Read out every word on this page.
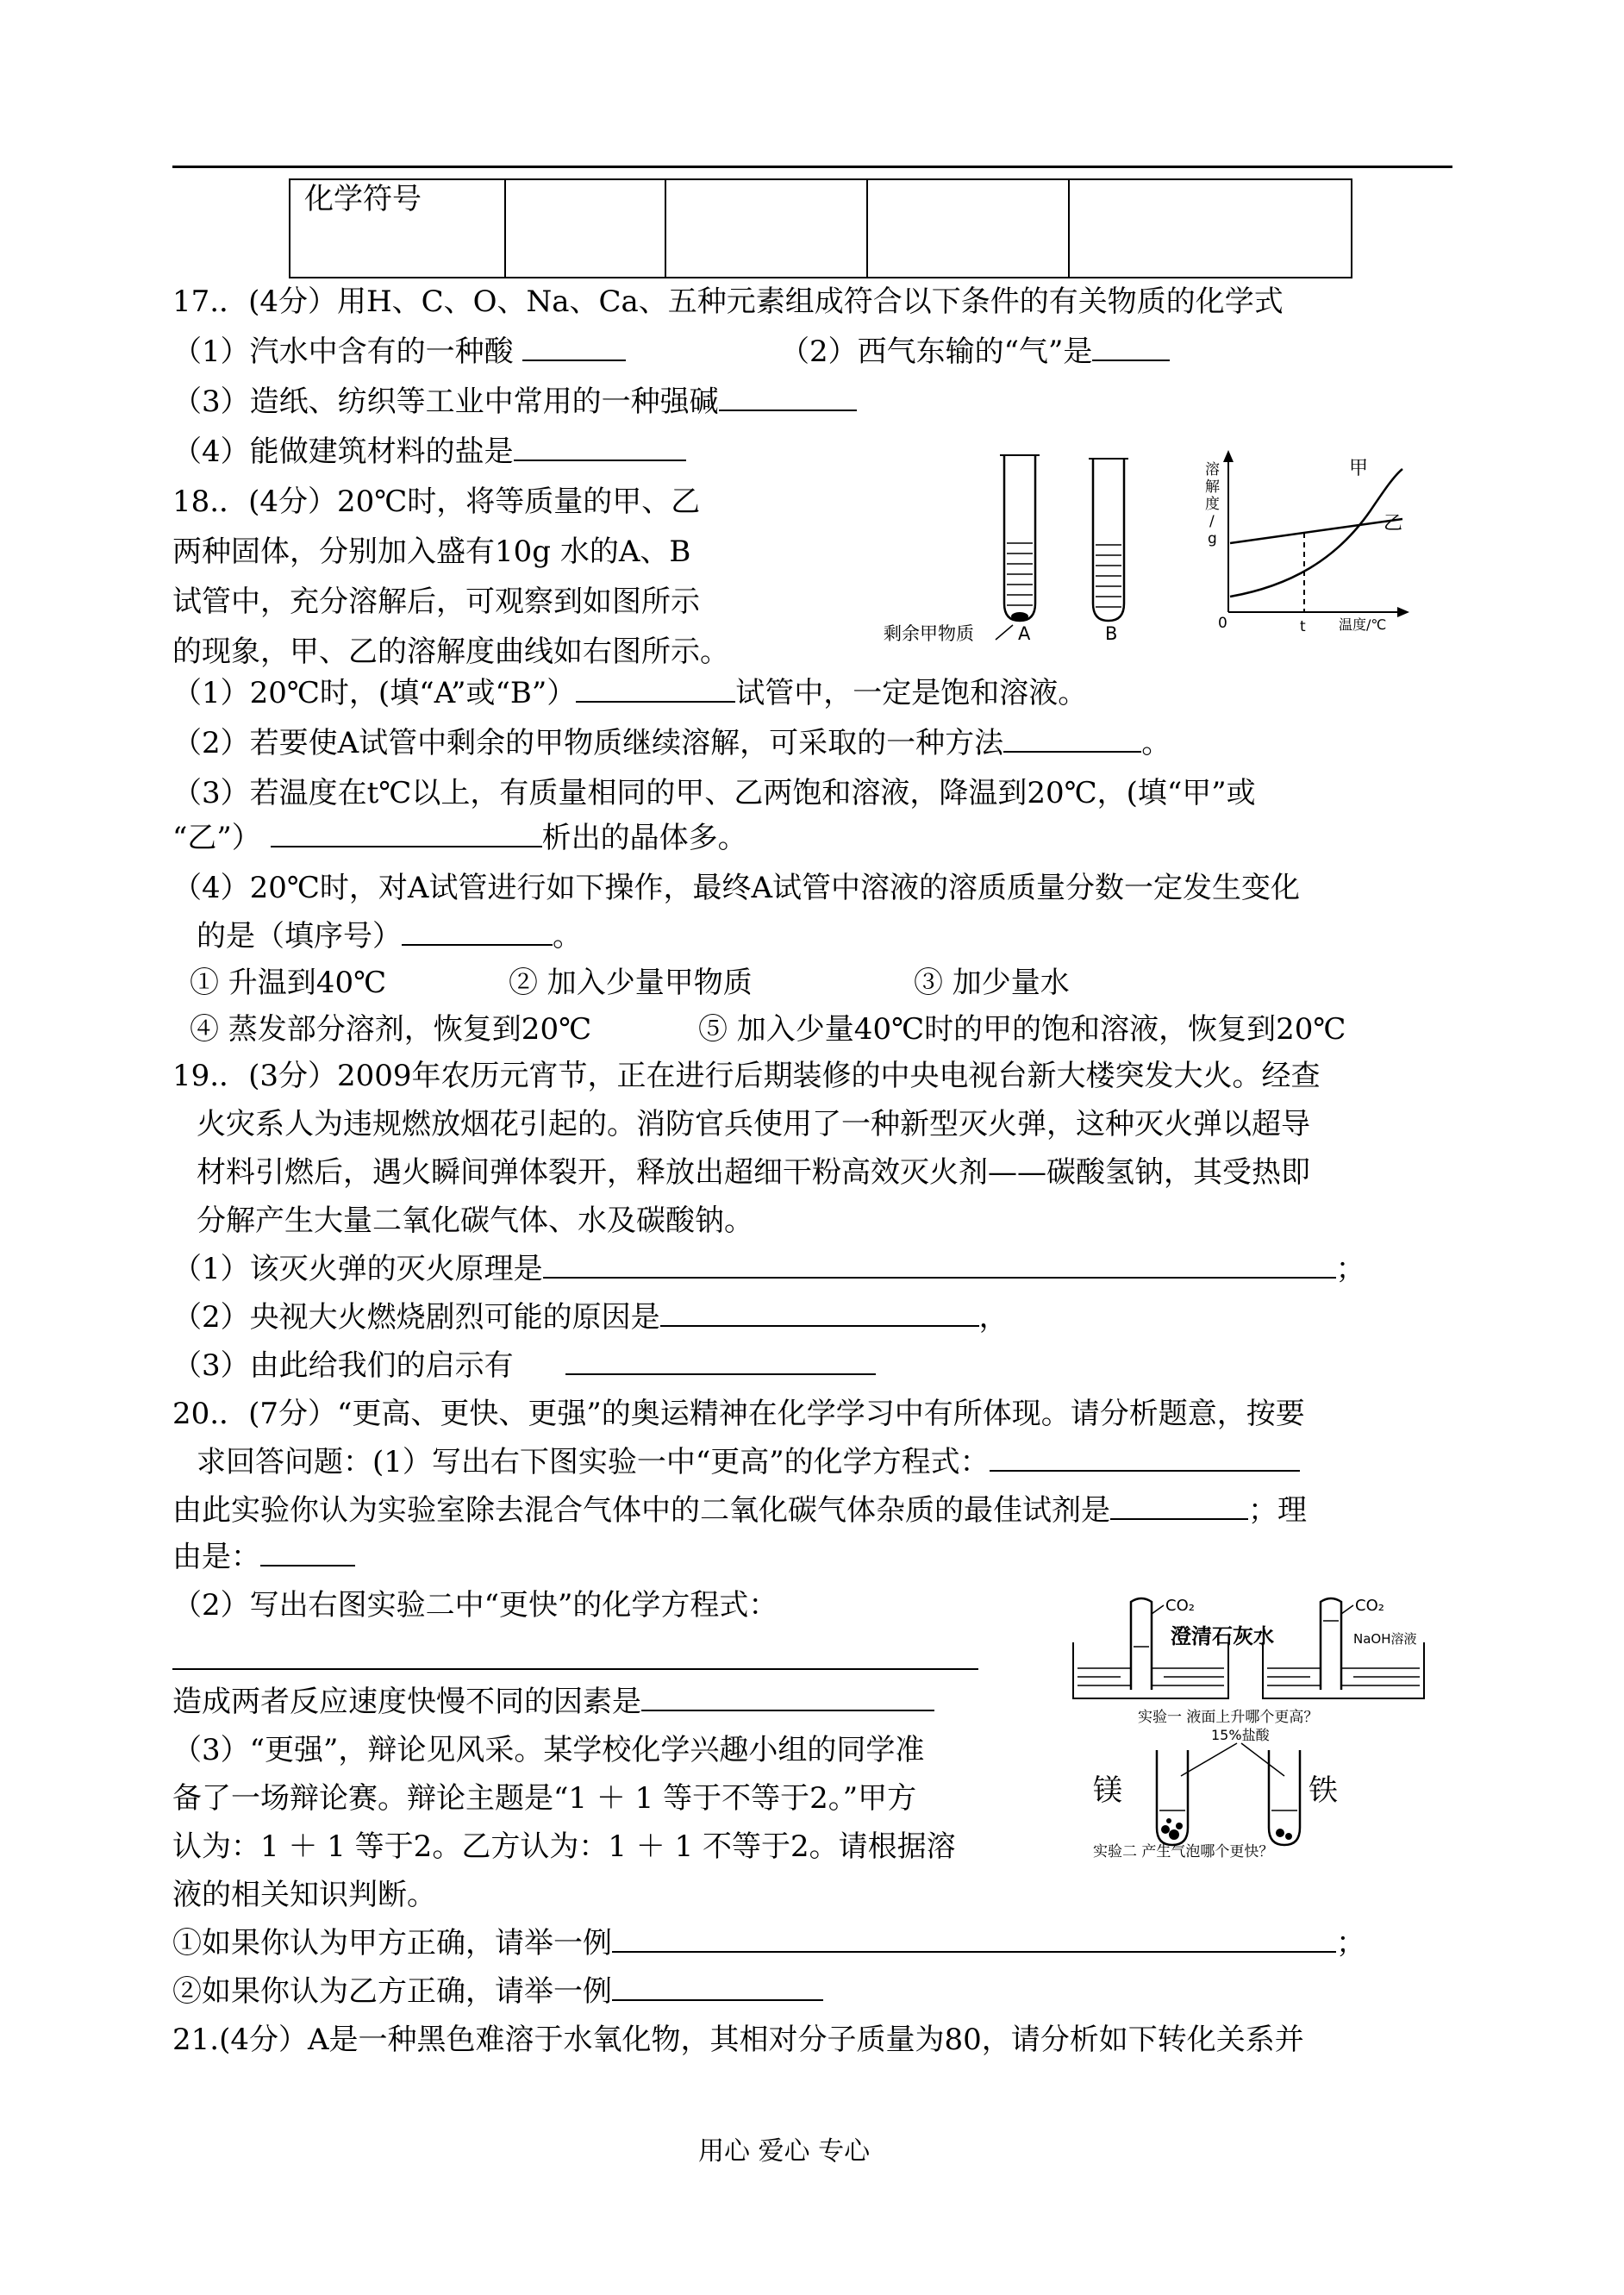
化学符号				
17.．(4分）用H、C、O、Na、Ca、五种元素组成符合以下条件的有关物质的化学式
（1）汽水中含有的一种酸	（2）西气东输的“气”是
（3）造纸、纺织等工业中常用的一种强碱
（4）能做建筑材料的盐是
18.．(4分）20℃时，将等质量的甲、乙
两种固体，分别加入盛有10g 水的A、B
试管中，充分溶解后，可观察到如图所示
的现象，甲、乙的溶解度曲线如右图所示。
剩余甲物质 A	B
溶
解
度
/
g
甲
乙
0	t 温度/℃
（1）20℃时，(填“A”或“B”）	试管中，一定是饱和溶液。
（2）若要使A试管中剩余的甲物质继续溶解，可采取的一种方法	。
（3）若温度在t℃以上，有质量相同的甲、乙两饱和溶液，降温到20℃，(填“甲”或
“乙”）	析出的晶体多。
（4）20℃时，对A试管进行如下操作，最终A试管中溶液的溶质质量分数一定发生变化
的是（填序号）	。
① 升温到40℃	② 加入少量甲物质	③ 加少量水
④ 蒸发部分溶剂，恢复到20℃	⑤ 加入少量40℃时的甲的饱和溶液，恢复到20℃
19.．(3分）2009年农历元宵节，正在进行后期装修的中央电视台新大楼突发大火。经查
火灾系人为违规燃放烟花引起的。消防官兵使用了一种新型灭火弹，这种灭火弹以超导
材料引燃后，遇火瞬间弹体裂开，释放出超细干粉高效灭火剂——碳酸氢钠，其受热即
分解产生大量二氧化碳气体、水及碳酸钠。
（1）该灭火弹的灭火原理是	；
（2）央视大火燃烧剧烈可能的原因是	，
（3）由此给我们的启示有
20.．(7分）“更高、更快、更强”的奥运精神在化学学习中有所体现。请分析题意，按要
求回答问题：(1）写出右下图实验一中“更高”的化学方程式：
由此实验你认为实验室除去混合气体中的二氧化碳气体杂质的最佳试剂是	；理
由是：
（2）写出右图实验二中“更快”的化学方程式：
造成两者反应速度快慢不同的因素是
（3）“更强”，辩论见风采。某学校化学兴趣小组的同学准
备了一场辩论赛。辩论主题是“1 ＋ 1 等于不等于2。”甲方
认为：1 ＋ 1 等于2。乙方认为：1 ＋ 1 不等于2。请根据溶
液的相关知识判断。
①如果你认为甲方正确，请举一例	；
②如果你认为乙方正确，请举一例
CO₂	CO₂
澄清石灰水	NaOH溶液
实验一 液面上升哪个更高？
15%盐酸
镁	铁
实验二 产生气泡哪个更快？
21.(4分）A是一种黑色难溶于水氧化物，其相对分子质量为80，请分析如下转化关系并
用心 爱心 专心
